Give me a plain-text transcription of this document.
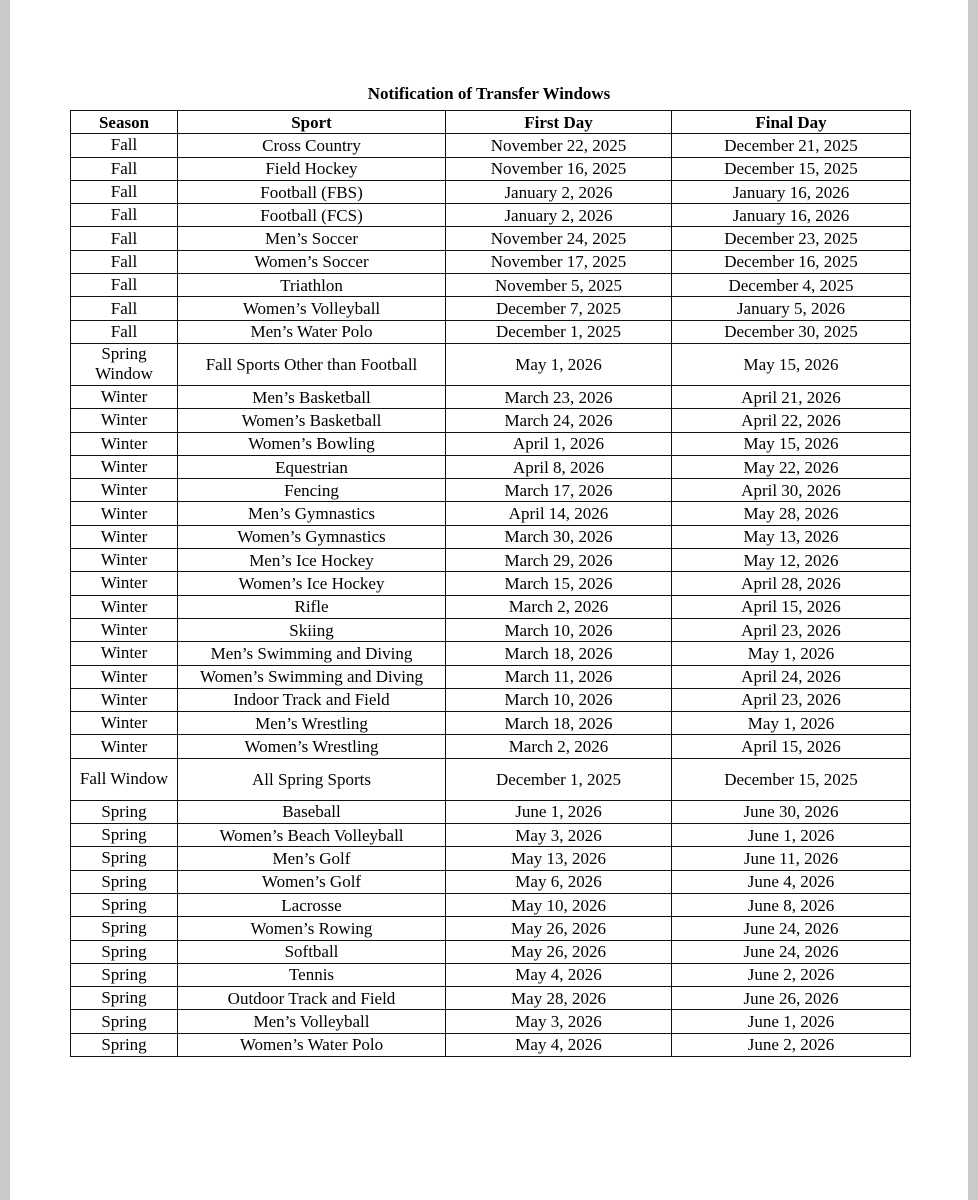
Notification of Transfer Windows
Season	Sport	First Day	Final Day
Fall	Cross Country	November 22, 2025	December 21, 2025
Fall	Field Hockey	November 16, 2025	December 15, 2025
Fall	Football (FBS)	January 2, 2026	January 16, 2026
Fall	Football (FCS)	January 2, 2026	January 16, 2026
Fall	Men’s Soccer	November 24, 2025	December 23, 2025
Fall	Women’s Soccer	November 17, 2025	December 16, 2025
Fall	Triathlon	November 5, 2025	December 4, 2025
Fall	Women’s Volleyball	December 7, 2025	January 5, 2026
Fall	Men’s Water Polo	December 1, 2025	December 30, 2025
Spring Window	Fall Sports Other than Football	May 1, 2026	May 15, 2026
Winter	Men’s Basketball	March 23, 2026	April 21, 2026
Winter	Women’s Basketball	March 24, 2026	April 22, 2026
Winter	Women’s Bowling	April 1, 2026	May 15, 2026
Winter	Equestrian	April 8, 2026	May 22, 2026
Winter	Fencing	March 17, 2026	April 30, 2026
Winter	Men’s Gymnastics	April 14, 2026	May 28, 2026
Winter	Women’s Gymnastics	March 30, 2026	May 13, 2026
Winter	Men’s Ice Hockey	March 29, 2026	May 12, 2026
Winter	Women’s Ice Hockey	March 15, 2026	April 28, 2026
Winter	Rifle	March 2, 2026	April 15, 2026
Winter	Skiing	March 10, 2026	April 23, 2026
Winter	Men’s Swimming and Diving	March 18, 2026	May 1, 2026
Winter	Women’s Swimming and Diving	March 11, 2026	April 24, 2026
Winter	Indoor Track and Field	March 10, 2026	April 23, 2026
Winter	Men’s Wrestling	March 18, 2026	May 1, 2026
Winter	Women’s Wrestling	March 2, 2026	April 15, 2026
Fall Window	All Spring Sports	December 1, 2025	December 15, 2025
Spring	Baseball	June 1, 2026	June 30, 2026
Spring	Women’s Beach Volleyball	May 3, 2026	June 1, 2026
Spring	Men’s Golf	May 13, 2026	June 11, 2026
Spring	Women’s Golf	May 6, 2026	June 4, 2026
Spring	Lacrosse	May 10, 2026	June 8, 2026
Spring	Women’s Rowing	May 26, 2026	June 24, 2026
Spring	Softball	May 26, 2026	June 24, 2026
Spring	Tennis	May 4, 2026	June 2, 2026
Spring	Outdoor Track and Field	May 28, 2026	June 26, 2026
Spring	Men’s Volleyball	May 3, 2026	June 1, 2026
Spring	Women’s Water Polo	May 4, 2026	June 2, 2026
